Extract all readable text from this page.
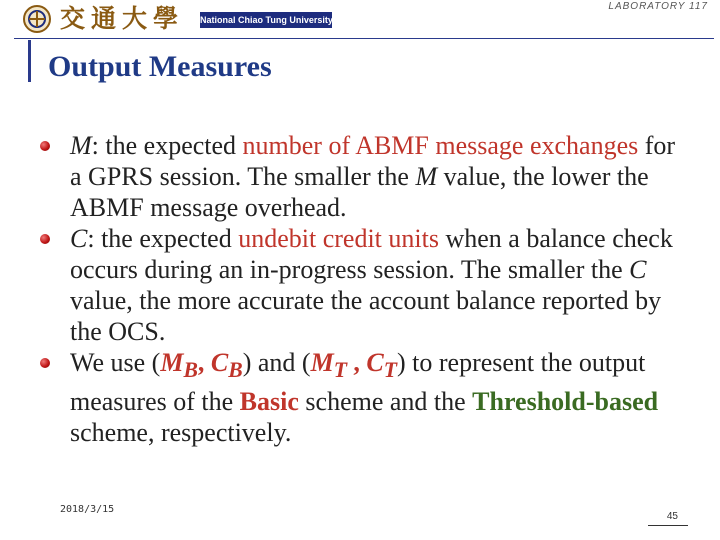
交通大學	National Chiao Tung University
LABORATORY 117
Output Measures
M: the expected number of ABMF message exchanges for a GPRS session. The smaller the M value, the lower the ABMF message overhead.
C: the expected undebit credit units when a balance check occurs during an in-progress session. The smaller the C value, the more accurate the account balance reported by the OCS.
We use ($M_B$, $C_B$) and ($M_T$ , $C_T$) to represent the output measures of the Basic scheme and the Threshold-based scheme, respectively.
2018/3/15
45
